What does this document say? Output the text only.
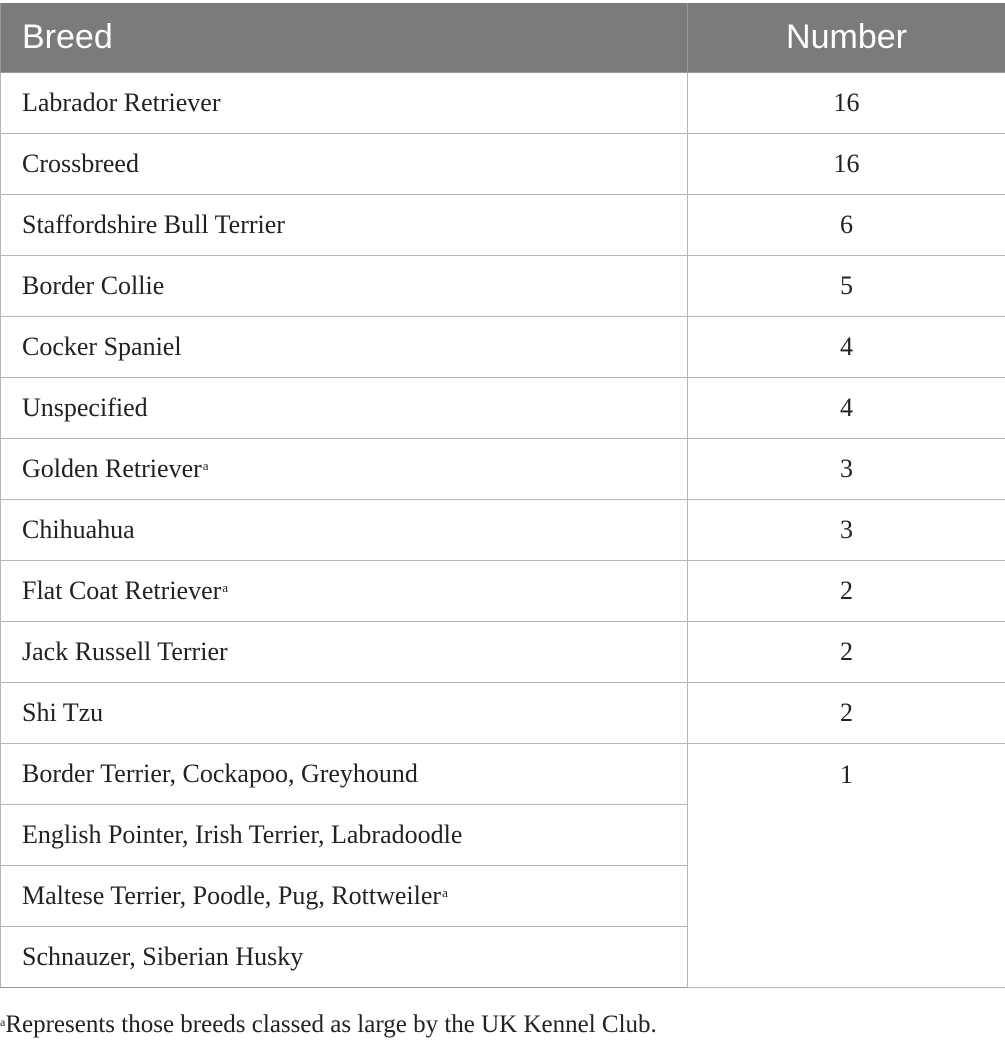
Breed	Number
Labrador Retriever	16
Crossbreed	16
Staffordshire Bull Terrier	6
Border Collie	5
Cocker Spaniel	4
Unspecified	4
Golden Retriever$^a$	3
Chihuahua	3
Flat Coat Retriever$^a$	2
Jack Russell Terrier	2
Shi Tzu	2
Border Terrier, Cockapoo, Greyhound	1
English Pointer, Irish Terrier, Labradoodle	
Maltese Terrier, Poodle, Pug, Rottweiler$^a$
Schnauzer, Siberian Husky	
$^a$Represents those breeds classed as large by the UK Kennel Club.
